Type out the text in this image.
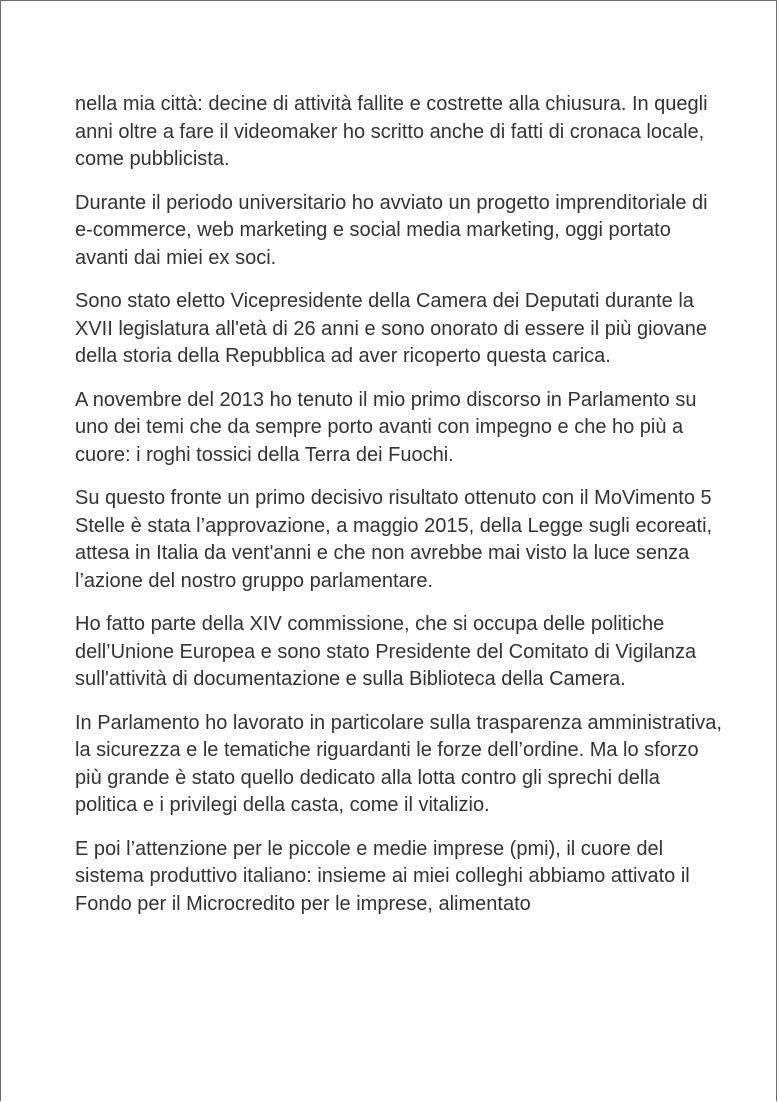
nella mia città: decine di attività fallite e costrette alla chiusura. In quegli anni oltre a fare il videomaker ho scritto anche di fatti di cronaca locale, come pubblicista.

Durante il periodo universitario ho avviato un progetto imprenditoriale di e-commerce, web marketing e social media marketing, oggi portato avanti dai miei ex soci.

Sono stato eletto Vicepresidente della Camera dei Deputati durante la XVII legislatura all'età di 26 anni e sono onorato di essere il più giovane della storia della Repubblica ad aver ricoperto questa carica.

A novembre del 2013 ho tenuto il mio primo discorso in Parlamento su uno dei temi che da sempre porto avanti con impegno e che ho più a cuore: i roghi tossici della Terra dei Fuochi.

Su questo fronte un primo decisivo risultato ottenuto con il MoVimento 5 Stelle è stata l’approvazione, a maggio 2015, della Legge sugli ecoreati, attesa in Italia da vent'anni e che non avrebbe mai visto la luce senza l’azione del nostro gruppo parlamentare.

Ho fatto parte della XIV commissione, che si occupa delle politiche dell’Unione Europea e sono stato Presidente del Comitato di Vigilanza sull'attività di documentazione e sulla Biblioteca della Camera.

In Parlamento ho lavorato in particolare sulla trasparenza amministrativa, la sicurezza e le tematiche riguardanti le forze dell’ordine. Ma lo sforzo più grande è stato quello dedicato alla lotta contro gli sprechi della politica e i privilegi della casta, come il vitalizio.

E poi l’attenzione per le piccole e medie imprese (pmi), il cuore del sistema produttivo italiano: insieme ai miei colleghi abbiamo attivato il Fondo per il Microcredito per le imprese, alimentato
